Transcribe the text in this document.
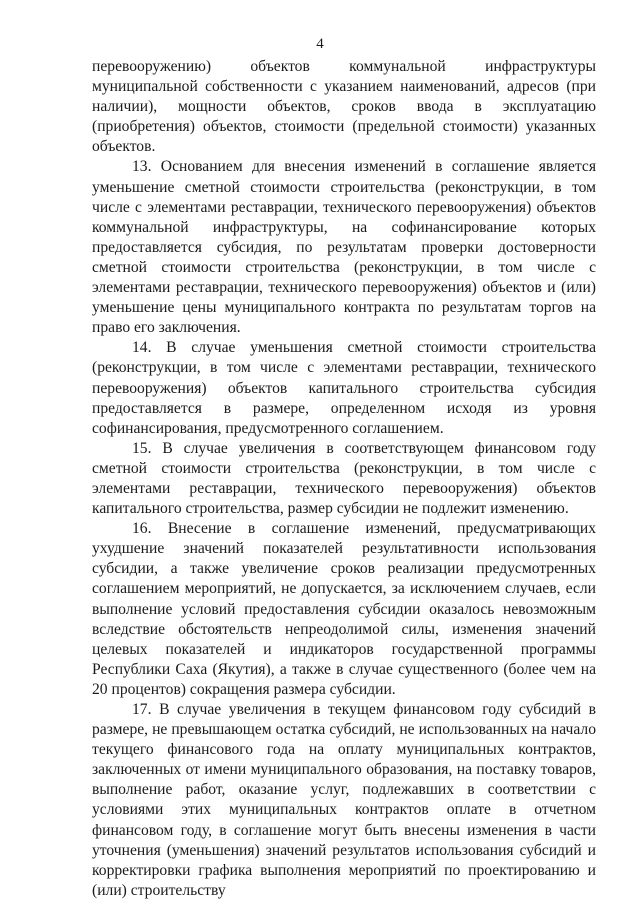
4

перевооружению) объектов коммунальной инфраструктуры муниципальной собственности с указанием наименований, адресов (при наличии), мощности объектов, сроков ввода в эксплуатацию (приобретения) объектов, стоимости (предельной стоимости) указанных объектов.

13. Основанием для внесения изменений в соглашение является уменьшение сметной стоимости строительства (реконструкции, в том числе с элементами реставрации, технического перевооружения) объектов коммунальной инфраструктуры, на софинансирование которых предоставляется субсидия, по результатам проверки достоверности сметной стоимости строительства (реконструкции, в том числе с элементами реставрации, технического перевооружения) объектов и (или) уменьшение цены муниципального контракта по результатам торгов на право его заключения.

14. В случае уменьшения сметной стоимости строительства (реконструкции, в том числе с элементами реставрации, технического перевооружения) объектов капитального строительства субсидия предоставляется в размере, определенном исходя из уровня софинансирования, предусмотренного соглашением.

15. В случае увеличения в соответствующем финансовом году сметной стоимости строительства (реконструкции, в том числе с элементами реставрации, технического перевооружения) объектов капитального строительства, размер субсидии не подлежит изменению.

16. Внесение в соглашение изменений, предусматривающих ухудшение значений показателей результативности использования субсидии, а также увеличение сроков реализации предусмотренных соглашением мероприятий, не допускается, за исключением случаев, если выполнение условий предоставления субсидии оказалось невозможным вследствие обстоятельств непреодолимой силы, изменения значений целевых показателей и индикаторов государственной программы Республики Саха (Якутия), а также в случае существенного (более чем на 20 процентов) сокращения размера субсидии.

17. В случае увеличения в текущем финансовом году субсидий в размере, не превышающем остатка субсидий, не использованных на начало текущего финансового года на оплату муниципальных контрактов, заключенных от имени муниципального образования, на поставку товаров, выполнение работ, оказание услуг, подлежавших в соответствии с условиями этих муниципальных контрактов оплате в отчетном финансовом году, в соглашение могут быть внесены изменения в части уточнения (уменьшения) значений результатов использования субсидий и корректировки графика выполнения мероприятий по проектированию и (или) строительству
